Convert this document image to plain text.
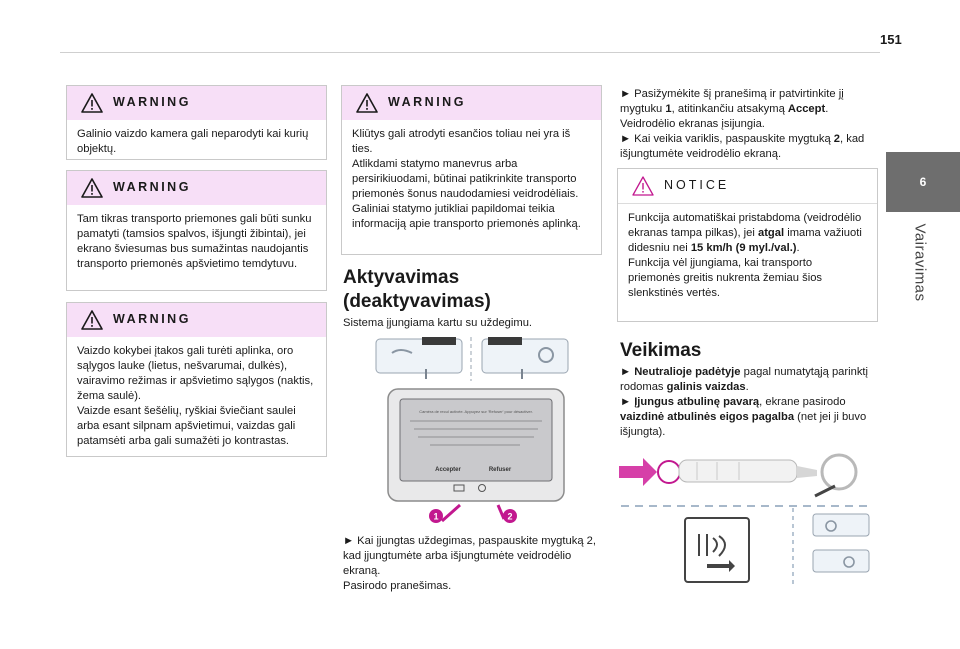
151
6
Vairavimas
WARNING
Galinio vaizdo kamera gali neparodyti kai kurių objektų.
WARNING
Tam tikras transporto priemones gali būti sunku pamatyti (tamsios spalvos, išjungti žibintai), jei ekrano šviesumas bus sumažintas naudojantis transporto priemonės apšvietimo temdytuvu.
WARNING
Vaizdo kokybei įtakos gali turėti aplinka, oro sąlygos lauke (lietus, nešvarumai, dulkės), vairavimo režimas ir apšvietimo sąlygos (naktis, žema saulė).
Vaizde esant šešėlių, ryškiai šviečiant saulei arba esant silpnam apšvietimui, vaizdas gali patamsėti arba gali sumažėti jo kontrastas.
WARNING
Kliūtys gali atrodyti esančios toliau nei yra iš ties.
Atlikdami statymo manevrus arba persirikiuodami, būtinai patikrinkite transporto priemonės šonus naudodamiesi veidrodėliais. Galiniai statymo jutikliai papildomai teikia informaciją apie transporto priemonės aplinką.
Aktyvavimas
(deaktyvavimas)
Sistema įjungiama kartu su uždegimu.
Caméra de recul activée. Appuyez sur 'Refuser' pour désactiver.
Accepter	Refuser
1	2
► Kai įjungtas uždegimas, paspauskite mygtuką 2, kad įjungtumėte arba išjungtumėte veidrodėlio ekraną.
Pasirodo pranešimas.
► Pasižymėkite šį pranešimą ir patvirtinkite jį mygtuku 1, atitinkančiu atsakymą Accept.
Veidrodėlio ekranas įsijungia.
► Kai veikia variklis, paspauskite mygtuką 2, kad išjungtumėte veidrodėlio ekraną.
NOTICE
Funkcija automatiškai pristabdoma (veidrodėlio ekranas tampa pilkas), jei atgal imama važiuoti didesniu nei 15 km/h (9 myl./val.).
Funkcija vėl įjungiama, kai transporto priemonės greitis nukrenta žemiau šios slenkstinės vertės.
Veikimas
► Neutralioje padėtyje pagal numatytąją parinktį rodomas galinis vaizdas.
► Įjungus atbulinę pavarą, ekrane pasirodo vaizdinė atbulinės eigos pagalba (net jei ji buvo išjungta).
